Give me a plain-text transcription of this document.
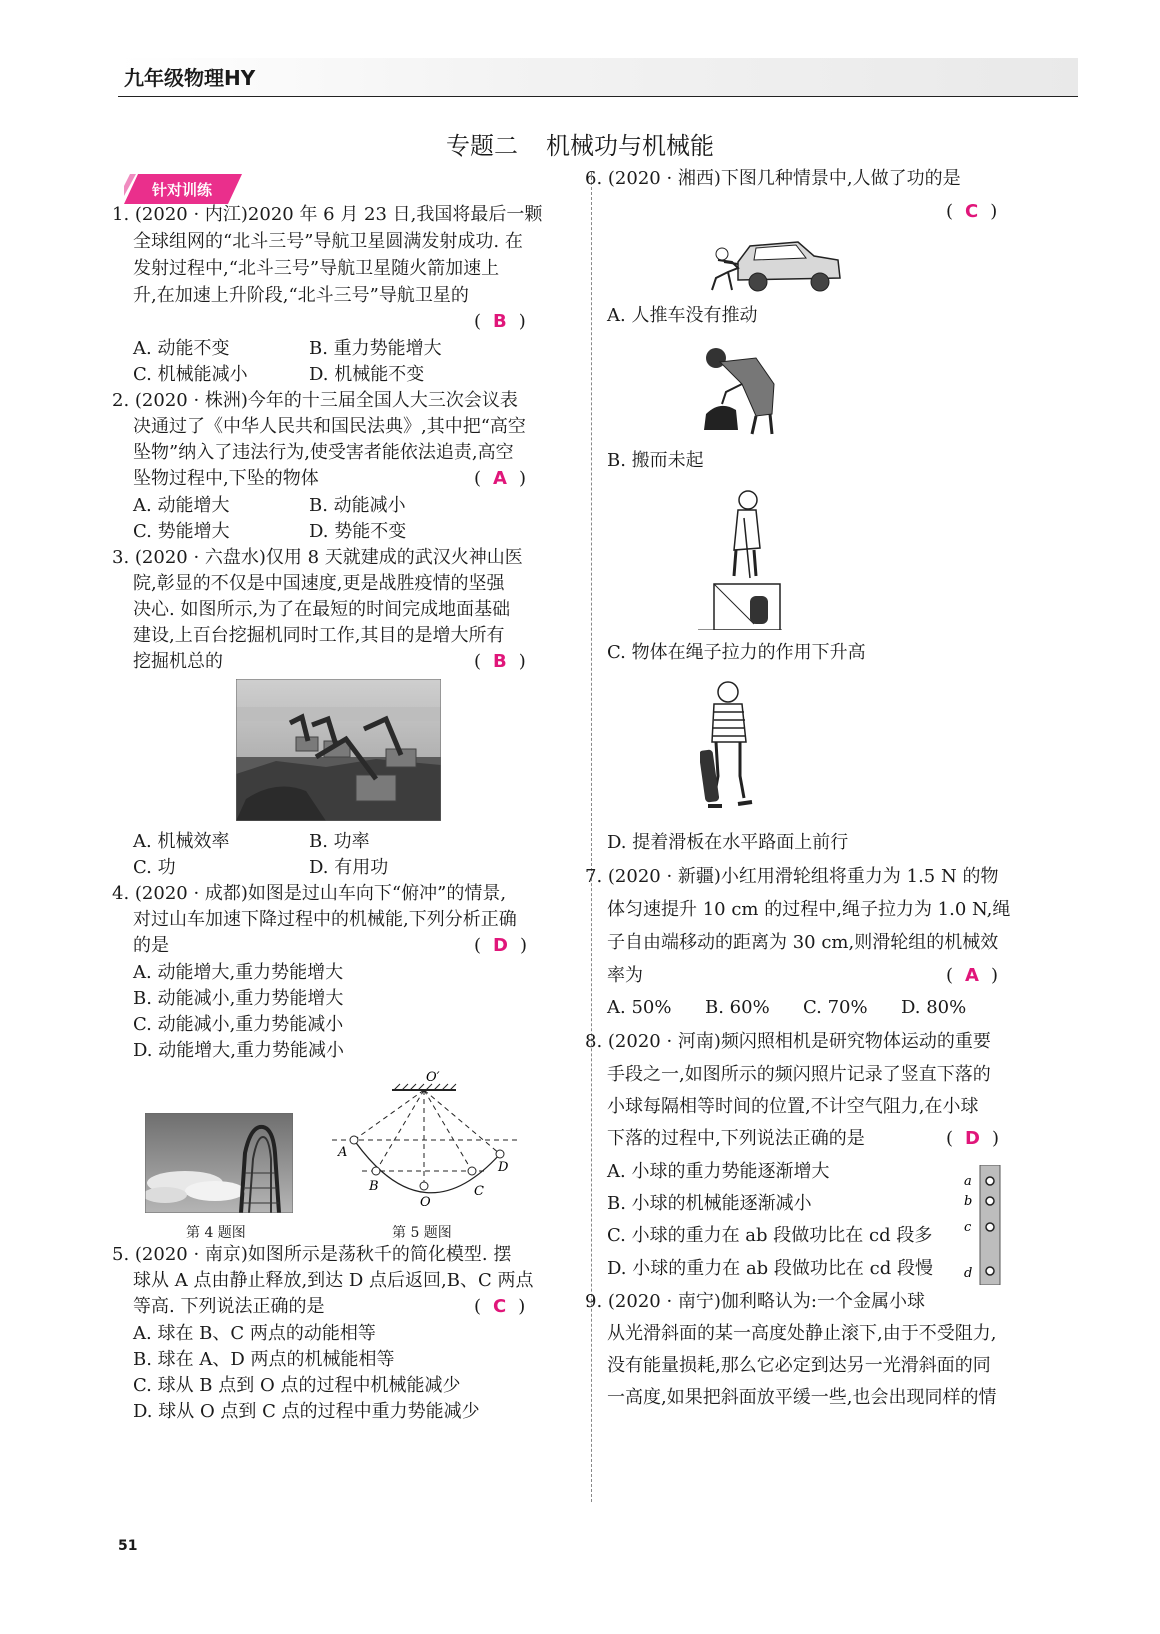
九年级物理HY
专题二 机械功与机械能
针对训练
1. (2020 · 内江)2020 年 6 月 23 日,我国将最后一颗
全球组网的“北斗三号”导航卫星圆满发射成功. 在
发射过程中,“北斗三号”导航卫星随火箭加速上
升,在加速上升阶段,“北斗三号”导航卫星的
( B )
A. 动能不变	B. 重力势能增大
C. 机械能减小	D. 机械能不变
2. (2020 · 株洲)今年的十三届全国人大三次会议表
决通过了《中华人民共和国民法典》,其中把“高空
坠物”纳入了违法行为,使受害者能依法追责,高空
坠物过程中,下坠的物体	( A )
A. 动能增大	B. 动能减小
C. 势能增大	D. 势能不变
3. (2020 · 六盘水)仅用 8 天就建成的武汉火神山医
院,彰显的不仅是中国速度,更是战胜疫情的坚强
决心. 如图所示,为了在最短的时间完成地面基础
建设,上百台挖掘机同时工作,其目的是增大所有
挖掘机总的	( B )
A. 机械效率	B. 功率
C. 功	D. 有用功
4. (2020 · 成都)如图是过山车向下“俯冲”的情景,
对过山车加速下降过程中的机械能,下列分析正确
的是	( D )
A. 动能增大,重力势能增大
B. 动能减小,重力势能增大
C. 动能减小,重力势能减小
D. 动能增大,重力势能减小
O′
A
B
O
C
D
第 4 题图	第 5 题图
5. (2020 · 南京)如图所示是荡秋千的简化模型. 摆
球从 A 点由静止释放,到达 D 点后返回,B、C 两点
等高. 下列说法正确的是	( C )
A. 球在 B、C 两点的动能相等
B. 球在 A、D 两点的机械能相等
C. 球从 B 点到 O 点的过程中机械能减少
D. 球从 O 点到 C 点的过程中重力势能减少
6. (2020 · 湘西)下图几种情景中,人做了功的是
( C )
A. 人推车没有推动
B. 搬而未起
C. 物体在绳子拉力的作用下升高
D. 提着滑板在水平路面上前行
7. (2020 · 新疆)小红用滑轮组将重力为 1.5 N 的物
体匀速提升 10 cm 的过程中,绳子拉力为 1.0 N,绳
子自由端移动的距离为 30 cm,则滑轮组的机械效
率为	( A )
A. 50% B. 60% C. 70% D. 80%
8. (2020 · 河南)频闪照相机是研究物体运动的重要
手段之一,如图所示的频闪照片记录了竖直下落的
小球每隔相等时间的位置,不计空气阻力,在小球
下落的过程中,下列说法正确的是	( D )
A. 小球的重力势能逐渐增大
B. 小球的机械能逐渐减小
C. 小球的重力在 ab 段做功比在 cd 段多
D. 小球的重力在 ab 段做功比在 cd 段慢
a
b
c
d
9. (2020 · 南宁)伽利略认为:一个金属小球
从光滑斜面的某一高度处静止滚下,由于不受阻力,
没有能量损耗,那么它必定到达另一光滑斜面的同
一高度,如果把斜面放平缓一些,也会出现同样的情
51
